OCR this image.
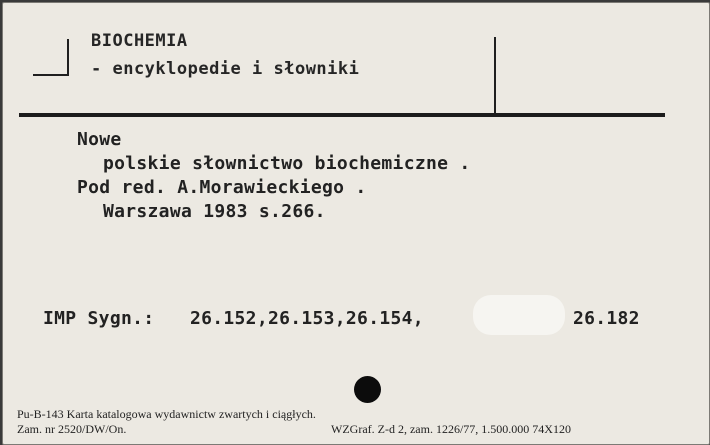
BIOCHEMIA
- encyklopedie i słowniki
Nowe
polskie słownictwo biochemiczne .
Pod red. A.Morawieckiego .
Warszawa 1983 s.266.
IMP Sygn.: 26.152,26.153,26.154,	26.182
Pu-B-143 Karta katalogowa wydawnictw zwartych i ciągłych.
Zam. nr 2520/DW/On.	WZGraf. Z-d 2, zam. 1226/77, 1.500.000 74X120
